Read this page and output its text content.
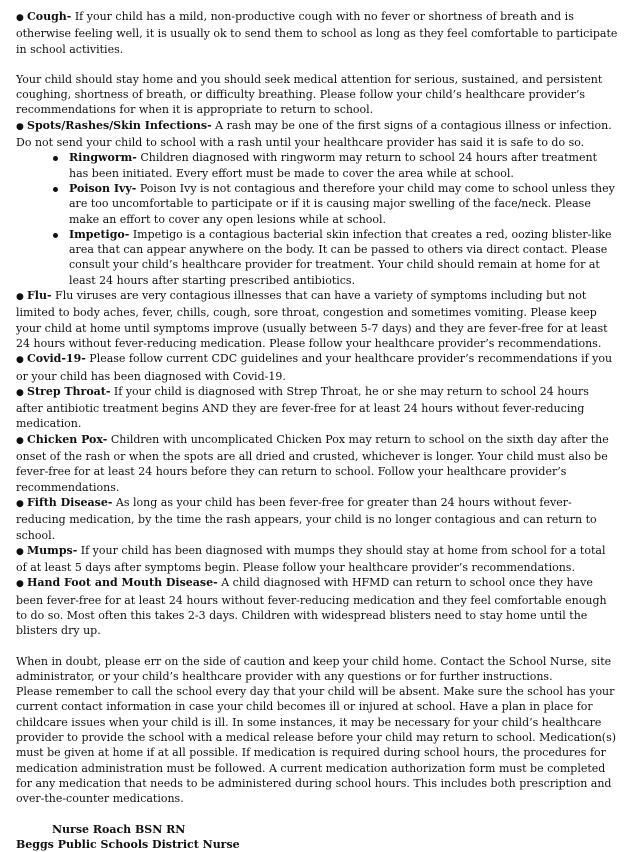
● Cough- If your child has a mild, non-productive cough with no fever or shortness of breath and is otherwise feeling well, it is usually ok to send them to school as long as they feel comfortable to participate in school activities.

Your child should stay home and you should seek medical attention for serious, sustained, and persistent coughing, shortness of breath, or difficulty breathing. Please follow your child’s healthcare provider’s recommendations for when it is appropriate to return to school.

● Spots/Rashes/Skin Infections- A rash may be one of the first signs of a contagious illness or infection. Do not send your child to school with a rash until your healthcare provider has said it is safe to do so.

Ringworm- Children diagnosed with ringworm may return to school 24 hours after treatment has been initiated. Every effort must be made to cover the area while at school.
Poison Ivy- Poison Ivy is not contagious and therefore your child may come to school unless they are too uncomfortable to participate or if it is causing major swelling of the face/neck. Please make an effort to cover any open lesions while at school.
Impetigo- Impetigo is a contagious bacterial skin infection that creates a red, oozing blister-like area that can appear anywhere on the body. It can be passed to others via direct contact. Please consult your child’s healthcare provider for treatment. Your child should remain at home for at least 24 hours after starting prescribed antibiotics.

● Flu- Flu viruses are very contagious illnesses that can have a variety of symptoms including but not limited to body aches, fever, chills, cough, sore throat, congestion and sometimes vomiting. Please keep your child at home until symptoms improve (usually between 5-7 days) and they are fever-free for at least 24 hours without fever-reducing medication. Please follow your healthcare provider’s recommendations.

● Covid-19- Please follow current CDC guidelines and your healthcare provider’s recommendations if you or your child has been diagnosed with Covid-19.

● Strep Throat- If your child is diagnosed with Strep Throat, he or she may return to school 24 hours after antibiotic treatment begins AND they are fever-free for at least 24 hours without fever-reducing medication.

● Chicken Pox- Children with uncomplicated Chicken Pox may return to school on the sixth day after the onset of the rash or when the spots are all dried and crusted, whichever is longer. Your child must also be fever-free for at least 24 hours before they can return to school. Follow your healthcare provider’s recommendations.

● Fifth Disease- As long as your child has been fever-free for greater than 24 hours without fever-reducing medication, by the time the rash appears, your child is no longer contagious and can return to school.

● Mumps- If your child has been diagnosed with mumps they should stay at home from school for a total of at least 5 days after symptoms begin. Please follow your healthcare provider’s recommendations.

● Hand Foot and Mouth Disease- A child diagnosed with HFMD can return to school once they have been fever-free for at least 24 hours without fever-reducing medication and they feel comfortable enough to do so. Most often this takes 2-3 days. Children with widespread blisters need to stay home until the blisters dry up.

When in doubt, please err on the side of caution and keep your child home. Contact the School Nurse, site administrator, or your child’s healthcare provider with any questions or for further instructions.

Please remember to call the school every day that your child will be absent. Make sure the school has your current contact information in case your child becomes ill or injured at school. Have a plan in place for childcare issues when your child is ill. In some instances, it may be necessary for your child’s healthcare provider to provide the school with a medical release before your child may return to school. Medication(s) must be given at home if at all possible. If medication is required during school hours, the procedures for medication administration must be followed. A current medication authorization form must be completed for any medication that needs to be administered during school hours. This includes both prescription and over-the-counter medications.

Nurse Roach BSN RN

Beggs Public Schools District Nurse
